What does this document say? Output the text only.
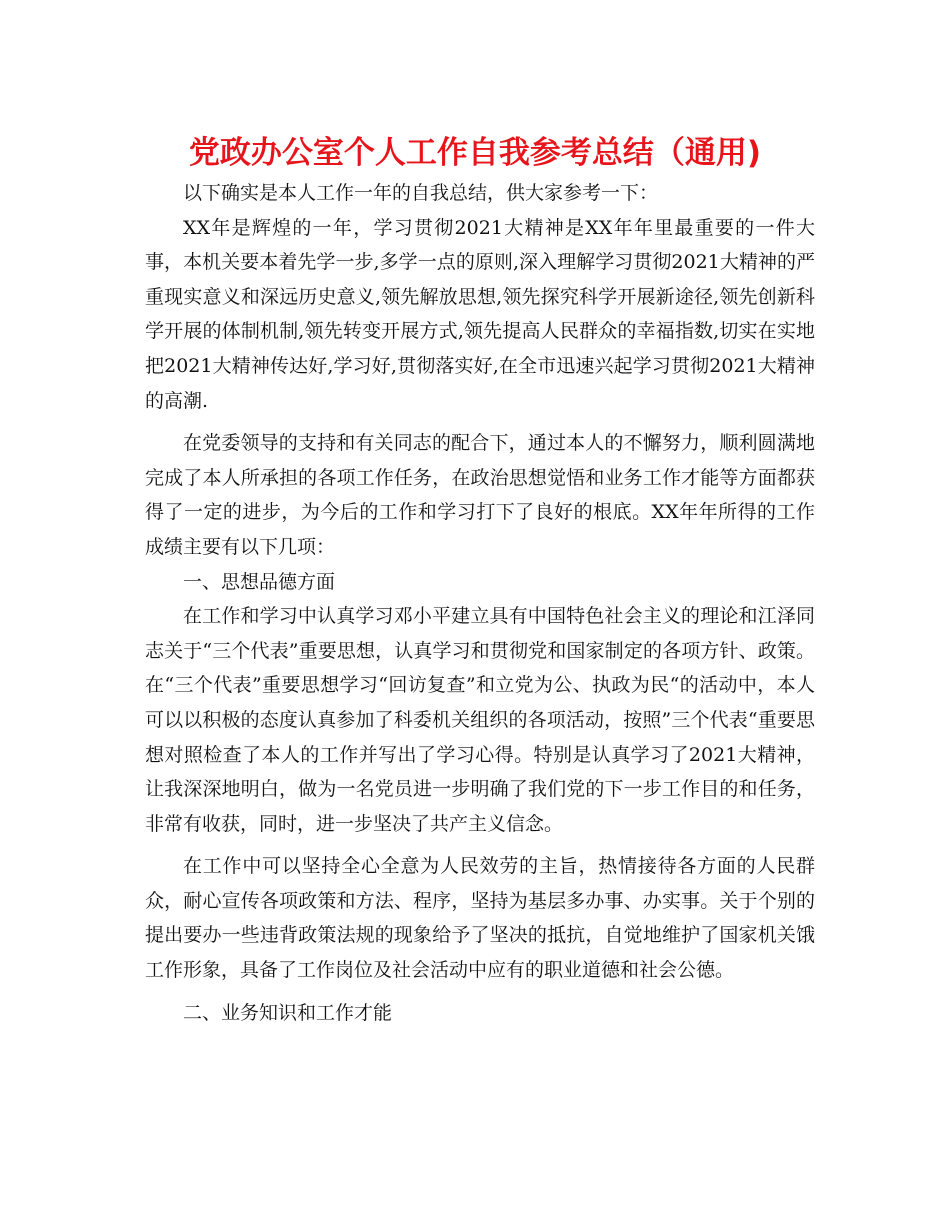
党政办公室个人工作自我参考总结（通用)

以下确实是本人工作一年的自我总结，供大家参考一下：

XX年是辉煌的一年，学习贯彻2021大精神是XX年年里最重要的一件大事，本机关要本着先学一步,多学一点的原则,深入理解学习贯彻2021大精神的严重现实意义和深远历史意义,领先解放思想,领先探究科学开展新途径,领先创新科学开展的体制机制,领先转变开展方式,领先提高人民群众的幸福指数,切实在实地把2021大精神传达好,学习好,贯彻落实好,在全市迅速兴起学习贯彻2021大精神的高潮.

在党委领导的支持和有关同志的配合下，通过本人的不懈努力，顺利圆满地完成了本人所承担的各项工作任务，在政治思想觉悟和业务工作才能等方面都获得了一定的进步，为今后的工作和学习打下了良好的根底。XX年年所得的工作成绩主要有以下几项：

一、思想品德方面

在工作和学习中认真学习邓小平建立具有中国特色社会主义的理论和江泽同志关于“三个代表”重要思想，认真学习和贯彻党和国家制定的各项方针、政策。在“三个代表”重要思想学习“回访复查”和立党为公、执政为民“的活动中，本人可以以积极的态度认真参加了科委机关组织的各项活动，按照”三个代表“重要思想对照检查了本人的工作并写出了学习心得。特别是认真学习了2021大精神，让我深深地明白，做为一名党员进一步明确了我们党的下一步工作目的和任务，非常有收获，同时，进一步坚决了共产主义信念。

在工作中可以坚持全心全意为人民效劳的主旨，热情接待各方面的人民群众，耐心宣传各项政策和方法、程序，坚持为基层多办事、办实事。关于个别的提出要办一些违背政策法规的现象给予了坚决的抵抗，自觉地维护了国家机关饿工作形象，具备了工作岗位及社会活动中应有的职业道德和社会公德。

二、业务知识和工作才能
